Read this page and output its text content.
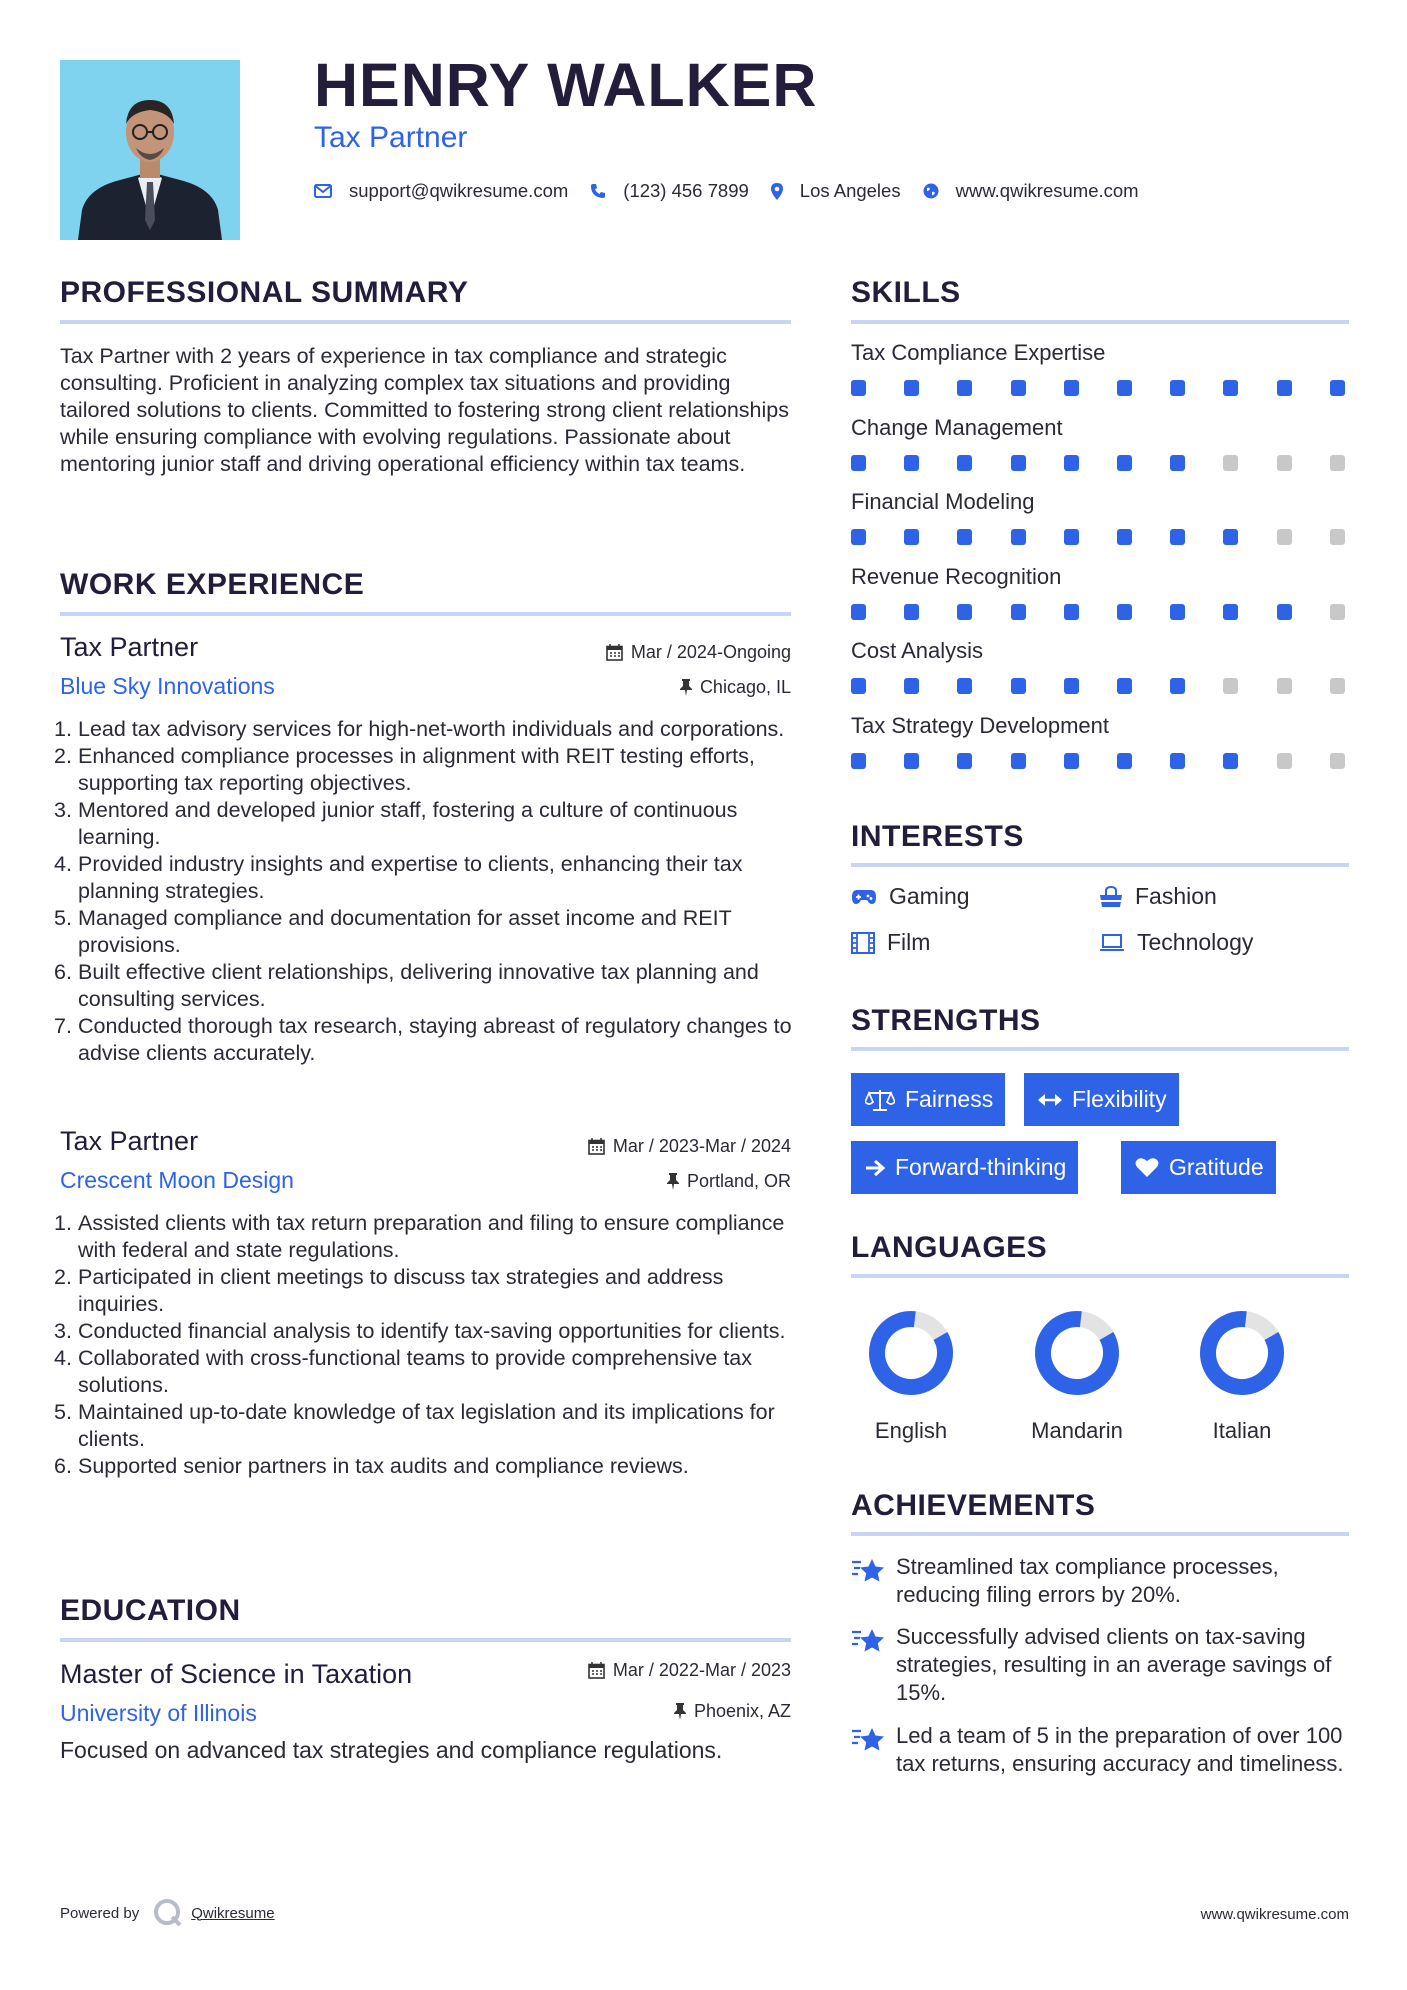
HENRY WALKER
Tax Partner
support@qwikresume.com	(123) 456 7899	Los Angeles	www.qwikresume.com
PROFESSIONAL SUMMARY
Tax Partner with 2 years of experience in tax compliance and strategic consulting. Proficient in analyzing complex tax situations and providing tailored solutions to clients. Committed to fostering strong client relationships while ensuring compliance with evolving regulations. Passionate about mentoring junior staff and driving operational efficiency within tax teams.
WORK EXPERIENCE
Tax Partner	Mar / 2024-Ongoing
Blue Sky Innovations	Chicago, IL
1. Lead tax advisory services for high-net-worth individuals and corporations.
2. Enhanced compliance processes in alignment with REIT testing efforts, supporting tax reporting objectives.
3. Mentored and developed junior staff, fostering a culture of continuous learning.
4. Provided industry insights and expertise to clients, enhancing their tax planning strategies.
5. Managed compliance and documentation for asset income and REIT provisions.
6. Built effective client relationships, delivering innovative tax planning and consulting services.
7. Conducted thorough tax research, staying abreast of regulatory changes to advise clients accurately.
Tax Partner	Mar / 2023-Mar / 2024
Crescent Moon Design	Portland, OR
1. Assisted clients with tax return preparation and filing to ensure compliance with federal and state regulations.
2. Participated in client meetings to discuss tax strategies and address inquiries.
3. Conducted financial analysis to identify tax-saving opportunities for clients.
4. Collaborated with cross-functional teams to provide comprehensive tax solutions.
5. Maintained up-to-date knowledge of tax legislation and its implications for clients.
6. Supported senior partners in tax audits and compliance reviews.
EDUCATION
Master of Science in Taxation	Mar / 2022-Mar / 2023
University of Illinois	Phoenix, AZ
Focused on advanced tax strategies and compliance regulations.
SKILLS
Tax Compliance Expertise
Change Management
Financial Modeling
Revenue Recognition
Cost Analysis
Tax Strategy Development
INTERESTS
Gaming	Fashion
Film	Technology
STRENGTHS
Fairness	Flexibility
Forward-thinking	Gratitude
LANGUAGES
English	Mandarin	Italian
ACHIEVEMENTS
Streamlined tax compliance processes, reducing filing errors by 20%.
Successfully advised clients on tax-saving strategies, resulting in an average savings of 15%.
Led a team of 5 in the preparation of over 100 tax returns, ensuring accuracy and timeliness.
Powered by	Qwikresume	www.qwikresume.com
